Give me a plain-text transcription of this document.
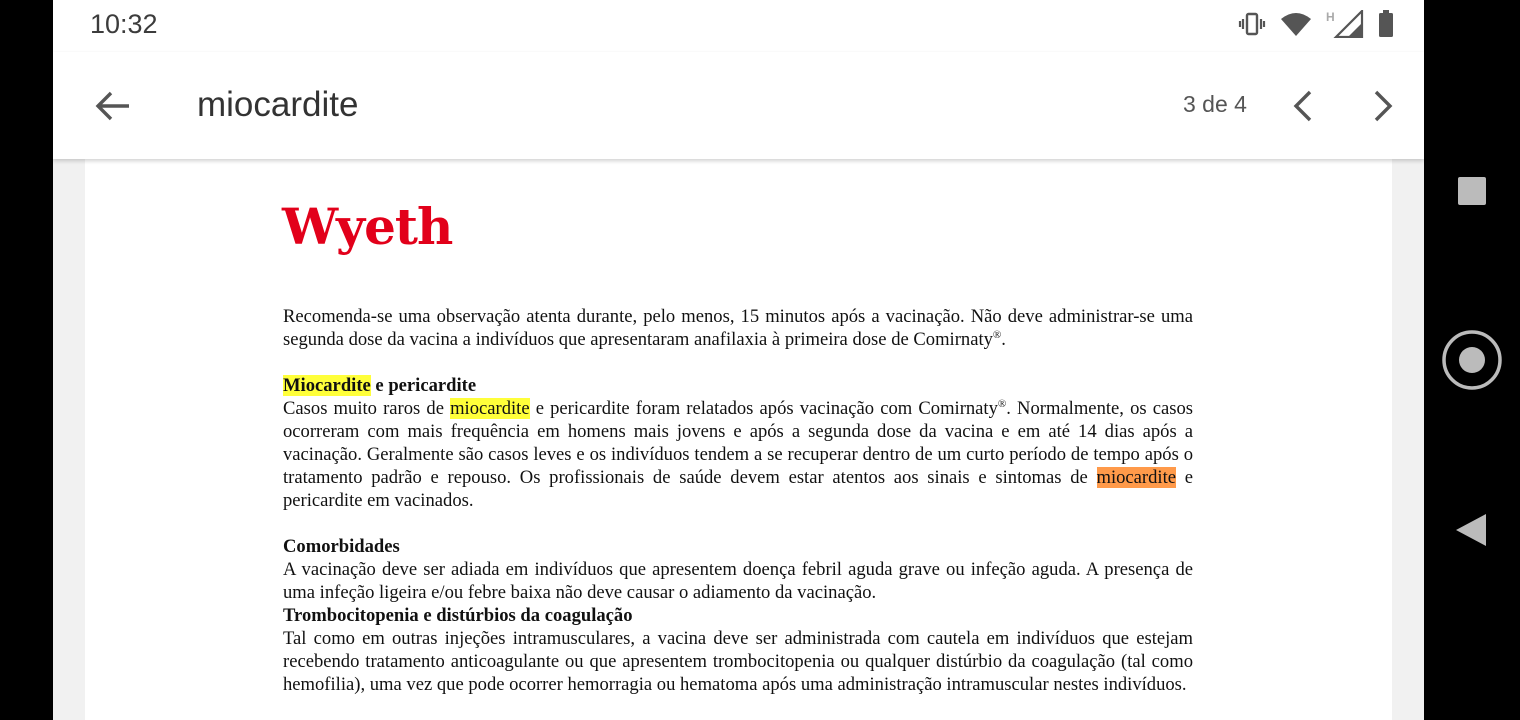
10:32	H
miocardite
3 de 4
Wyeth

Recomenda-se uma observação atenta durante, pelo menos, 15 minutos após a vacinação. Não deve administrar-se uma segunda dose da vacina a indivíduos que apresentaram anafilaxia à primeira dose de Comirnaty®.

Miocardite e pericardite

Casos muito raros de miocardite e pericardite foram relatados após vacinação com Comirnaty®. Normalmente, os casos ocorreram com mais frequência em homens mais jovens e após a segunda dose da vacina e em até 14 dias após a vacinação. Geralmente são casos leves e os indivíduos tendem a se recuperar dentro de um curto período de tempo após o tratamento padrão e repouso. Os profissionais de saúde devem estar atentos aos sinais e sintomas de miocardite e pericardite em vacinados.

Comorbidades

A vacinação deve ser adiada em indivíduos que apresentem doença febril aguda grave ou infeção aguda. A presença de uma infeção ligeira e/ou febre baixa não deve causar o adiamento da vacinação.

Trombocitopenia e distúrbios da coagulação

Tal como em outras injeções intramusculares, a vacina deve ser administrada com cautela em indivíduos que estejam recebendo tratamento anticoagulante ou que apresentem trombocitopenia ou qualquer distúrbio da coagulação (tal como hemofilia), uma vez que pode ocorrer hemorragia ou hematoma após uma administração intramuscular nestes indivíduos.
